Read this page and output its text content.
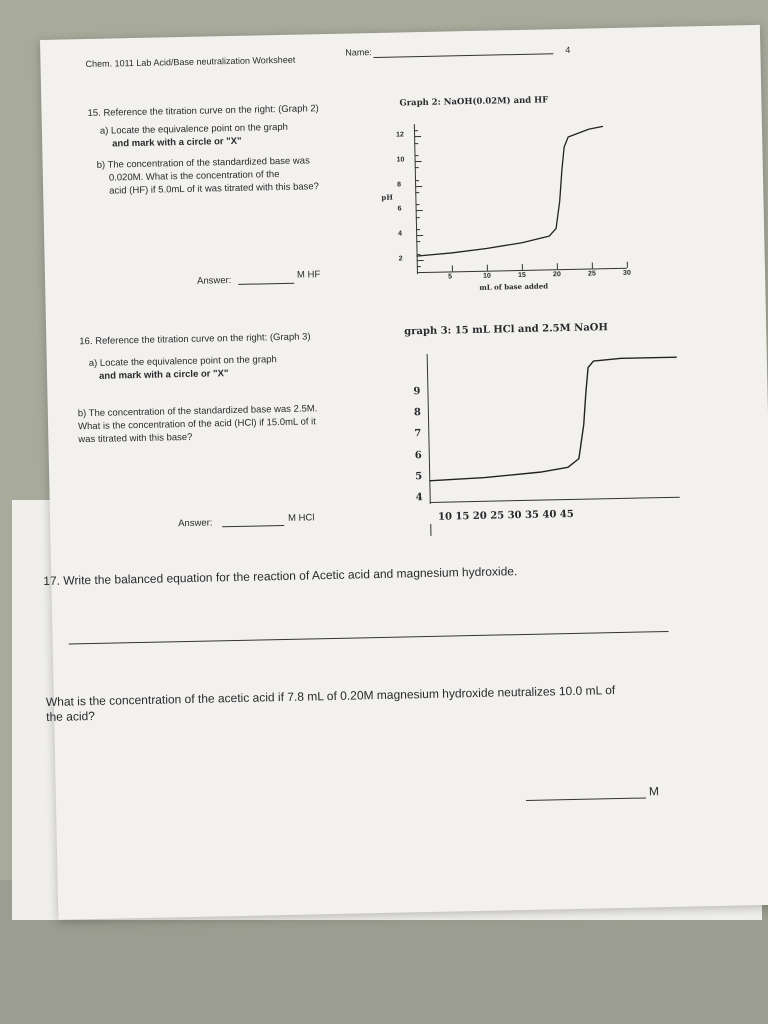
Chem. 1011 Lab Acid/Base neutralization Worksheet
Name:	4
15. Reference the titration curve on the right: (Graph 2)
a) Locate the equivalence point on the graph
and mark with a circle or "X"
b) The concentration of the standardized base was
0.020M. What is the concentration of the
acid (HF) if 5.0mL of it was titrated with this base?
Answer:
M HF
Graph 2: NaOH(0.02M) and HF
pH
12
10
8
6
4
2
5	10	15	20	25	30
mL of base added
16. Reference the titration curve on the right: (Graph 3)
a) Locate the equivalence point on the graph
and mark with a circle or "X"
b) The concentration of the standardized base was 2.5M.
What is the concentration of the acid (HCl) if 15.0mL of it
was titrated with this base?
Answer:	M HCl
graph 3: 15 mL HCl and 2.5M NaOH
9
8
7
6
5
4
10 15 20 25 30 35 40 45
17. Write the balanced equation for the reaction of Acetic acid and magnesium hydroxide.
What is the concentration of the acetic acid if 7.8 mL of 0.20M magnesium hydroxide neutralizes 10.0 mL of
the acid?
M
